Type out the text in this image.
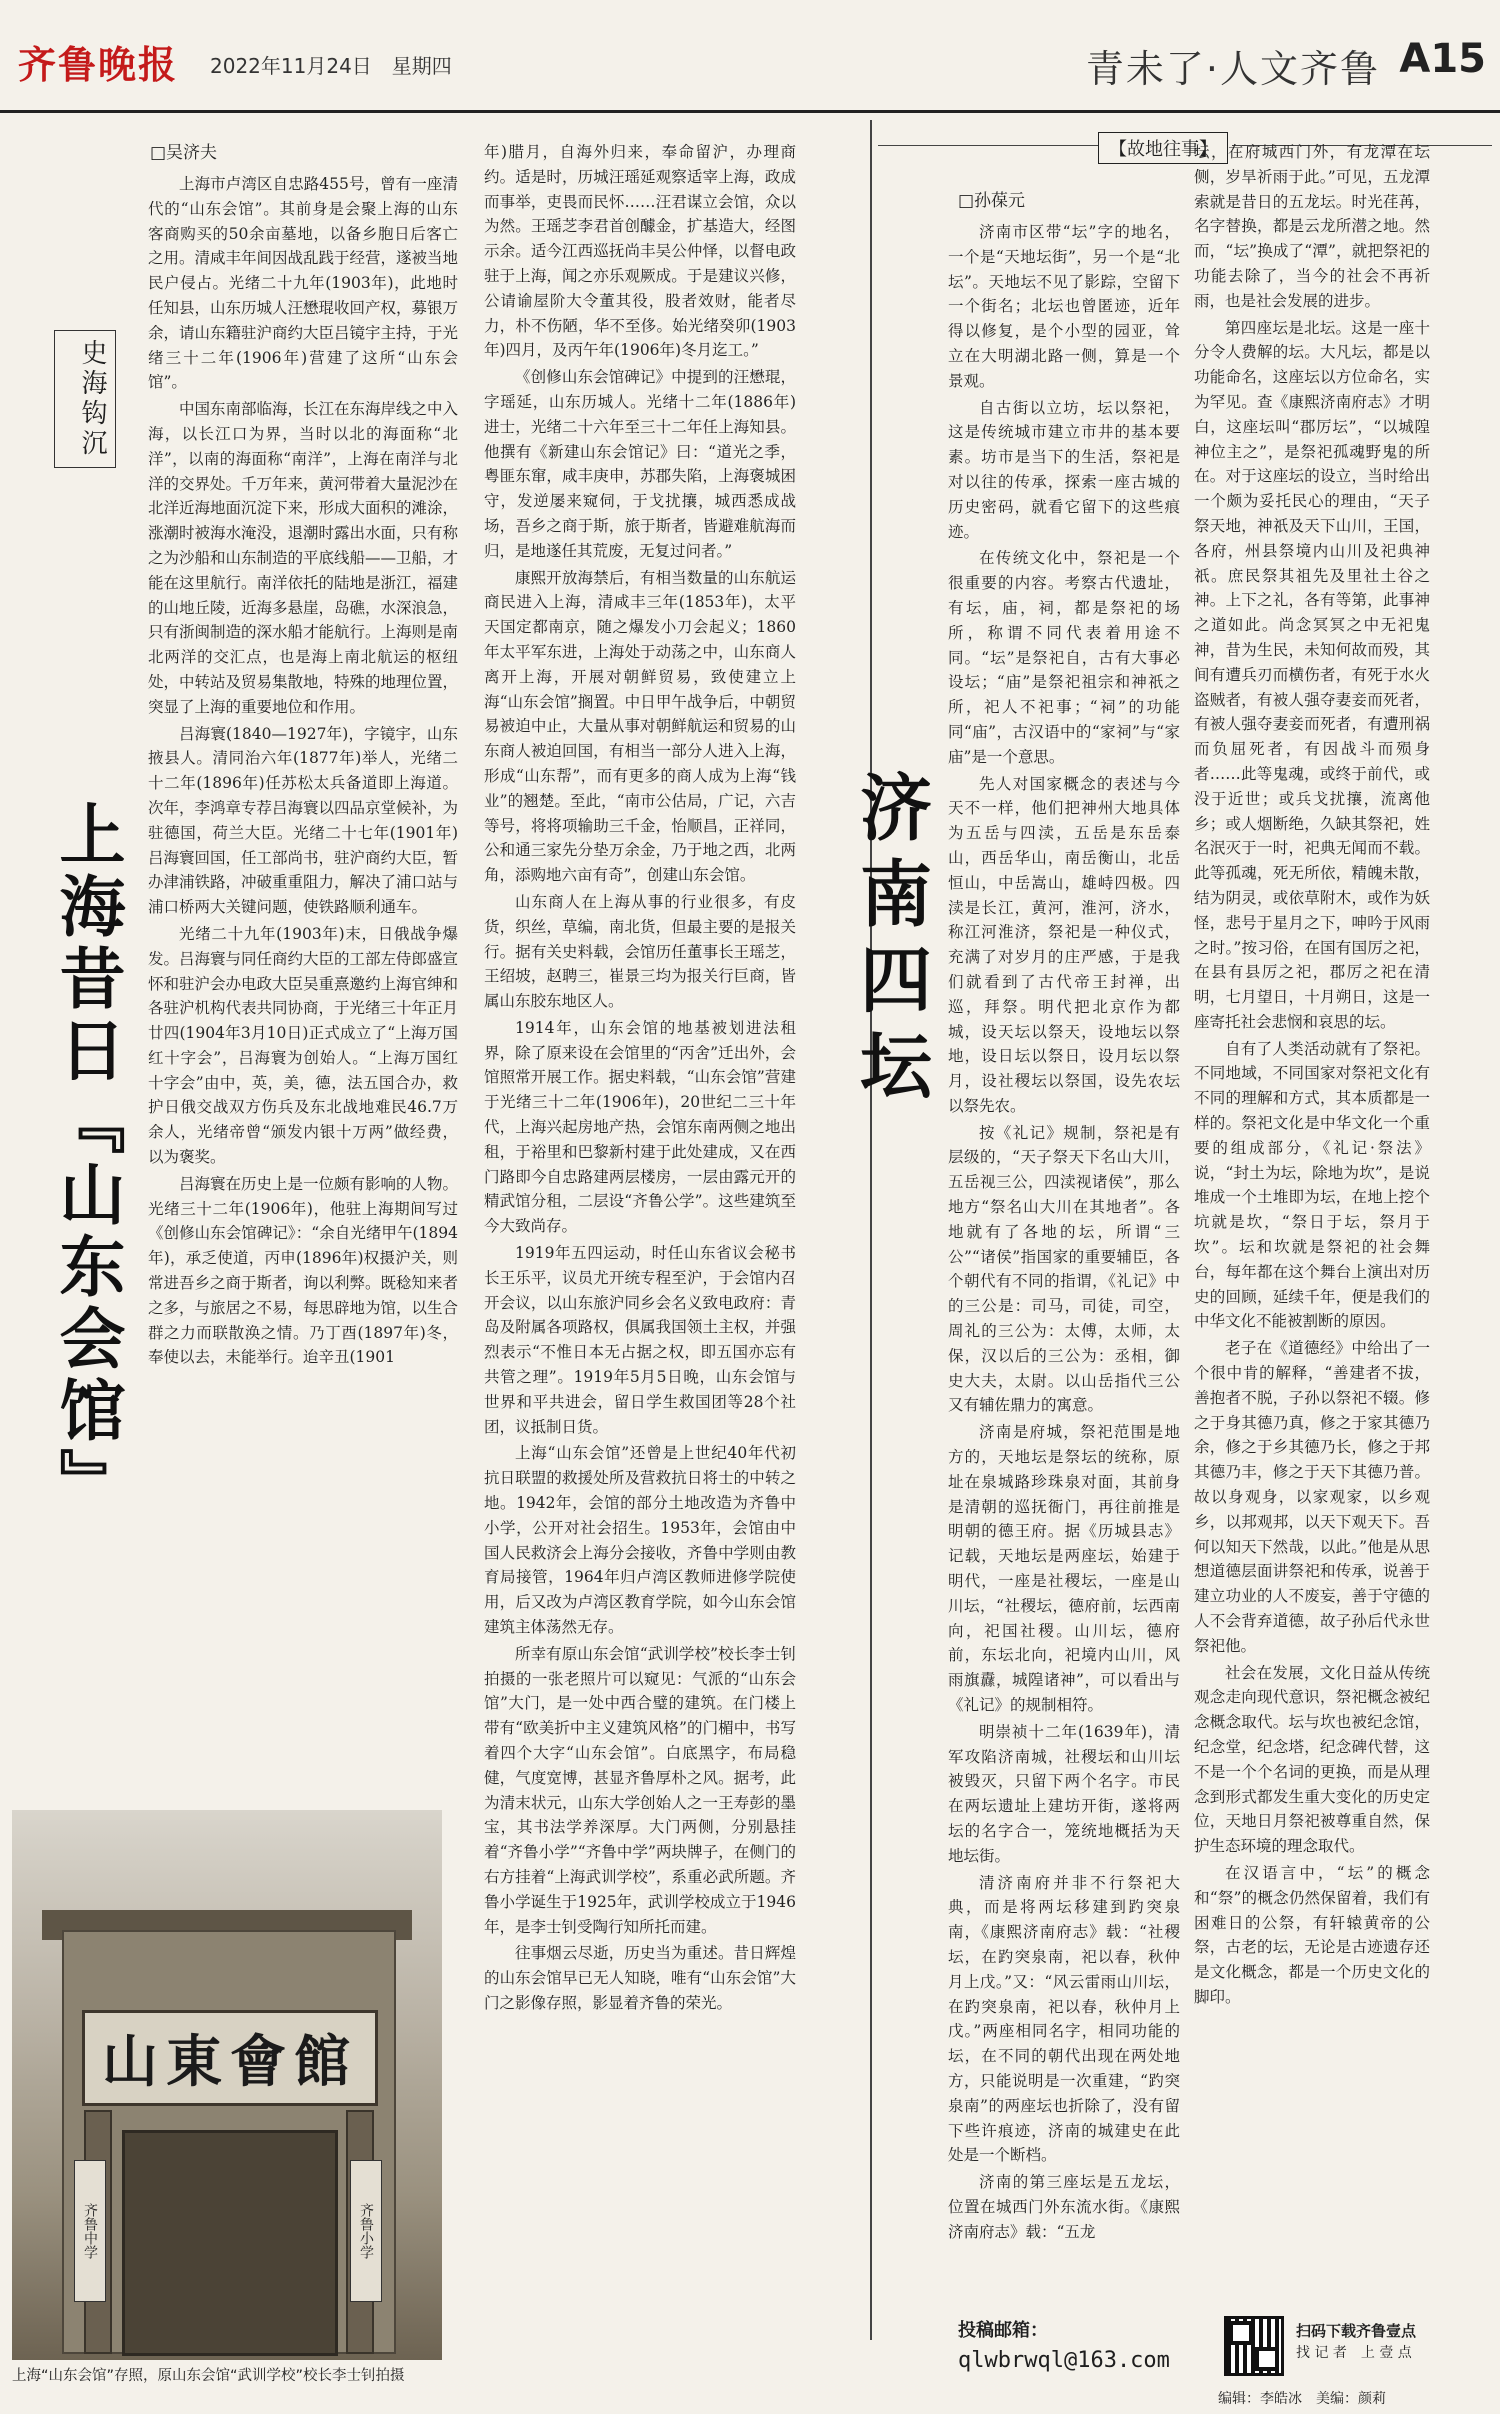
齐鲁晚报 2022年11月24日　星期四	青未了·人文齐鲁 A15
□吴济夫
史海钩沉
上海昔日『山东会馆』

上海市卢湾区自忠路455号，曾有一座清代的“山东会馆”。其前身是会聚上海的山东客商购买的50余亩墓地，以备乡胞日后客亡之用。清咸丰年间因战乱践于经营，遂被当地民户侵占。光绪二十九年(1903年)，此地时任知县，山东历城人汪懋琨收回产权，募银万余，请山东籍驻沪商约大臣吕镜宇主持，于光绪三十二年(1906年)营建了这所“山东会馆”。

中国东南部临海，长江在东海岸线之中入海，以长江口为界，当时以北的海面称“北洋”，以南的海面称“南洋”，上海在南洋与北洋的交界处。千万年来，黄河带着大量泥沙在北洋近海地面沉淀下来，形成大面积的滩涂，涨潮时被海水淹没，退潮时露出水面，只有称之为沙船和山东制造的平底线船——卫船，才能在这里航行。南洋依托的陆地是浙江，福建的山地丘陵，近海多悬崖，岛礁，水深浪急，只有浙闽制造的深水船才能航行。上海则是南北两洋的交汇点，也是海上南北航运的枢纽处，中转站及贸易集散地，特殊的地理位置，突显了上海的重要地位和作用。

吕海寰(1840—1927年)，字镜宇，山东掖县人。清同治六年(1877年)举人，光绪二十二年(1896年)任苏松太兵备道即上海道。次年，李鸿章专荐吕海寰以四品京堂候补，为驻德国，荷兰大臣。光绪二十七年(1901年)吕海寰回国，任工部尚书，驻沪商约大臣，暂办津浦铁路，冲破重重阻力，解决了浦口站与浦口桥两大关键问题，使铁路顺利通车。

光绪二十九年(1903年)末，日俄战争爆发。吕海寰与同任商约大臣的工部左侍郎盛宣怀和驻沪会办电政大臣吴重熹邀约上海官绅和各驻沪机构代表共同协商，于光绪三十年正月廿四(1904年3月10日)正式成立了“上海万国红十字会”，吕海寰为创始人。“上海万国红十字会”由中，英，美，德，法五国合办，救护日俄交战双方伤兵及东北战地难民46.7万余人，光绪帝曾“颁发内银十万两”做经费，以为褒奖。

吕海寰在历史上是一位颇有影响的人物。光绪三十二年(1906年)，他驻上海期间写过《创修山东会馆碑记》：“余自光绪甲午(1894年)，承乏使道，丙申(1896年)权摄沪关，则常进吾乡之商于斯者，询以利弊。既稔知来者之多，与旅居之不易，每思辟地为馆，以生合群之力而联散涣之情。乃丁酉(1897年)冬，奉使以去，未能举行。迨辛丑(1901

年)腊月，自海外归来，奉命留沪，办理商约。适是时，历城汪瑶延观察适宰上海，政成而事举，吏畏而民怀……汪君谋立会馆，众以为然。王瑶芝李君首创醵金，扩基造大，经图示余。适今江西巡抚尚丰吴公仲怿，以督电政驻于上海，闻之亦乐观厥成。于是建议兴修，公请谕屋阶大令董其役，股者效财，能者尽力，朴不伤陋，华不至侈。始光绪癸卯(1903年)四月，及丙午年(1906年)冬月迄工。”

《创修山东会馆碑记》中提到的汪懋琨，字瑶延，山东历城人。光绪十二年(1886年)进士，光绪二十六年至三十二年任上海知县。他撰有《新建山东会馆记》曰：“道光之季，粤匪东窜，咸丰庚申，苏郡失陷，上海褒城困守，发逆屡来窥伺，于戈扰攘，城西悉成战场，吾乡之商于斯，旅于斯者，皆避难航海而归，是地遂任其荒废，无复过问者。”

康熙开放海禁后，有相当数量的山东航运商民进入上海，清咸丰三年(1853年)，太平天国定都南京，随之爆发小刀会起义；1860年太平军东进，上海处于动荡之中，山东商人离开上海，开展对朝鲜贸易，致使建立上海“山东会馆”搁置。中日甲午战争后，中朝贸易被迫中止，大量从事对朝鲜航运和贸易的山东商人被迫回国，有相当一部分人进入上海，形成“山东帮”，而有更多的商人成为上海“钱业”的翘楚。至此，“南市公估局，广记，六吉等号，将将项输助三千金，怡顺昌，正祥同，公和通三家先分垫万余金，乃于地之西，北两角，添购地六亩有奇”，创建山东会馆。

山东商人在上海从事的行业很多，有皮货，织丝，草编，南北货，但最主要的是报关行。据有关史料载，会馆历任董事长王瑶芝，王绍坡，赵聘三，崔景三均为报关行巨商，皆属山东胶东地区人。

1914年，山东会馆的地基被划进法租界，除了原来设在会馆里的“丙舍”迁出外，会馆照常开展工作。据史料载，“山东会馆”营建于光绪三十二年(1906年)，20世纪二三十年代，上海兴起房地产热，会馆东南两侧之地出租，于裕里和巴黎新村建于此处建成，又在西门路即今自忠路建两层楼房，一层由露元开的精武馆分租，二层设“齐鲁公学”。这些建筑至今大致尚存。

1919年五四运动，时任山东省议会秘书长王乐平，议员尤开统专程至沪，于会馆内召开会议，以山东旅沪同乡会名义致电政府：青岛及附属各项路权，俱属我国领土主权，并强烈表示“不惟日本无占据之权，即五国亦忘有共管之理”。1919年5月5日晚，山东会馆与世界和平共进会，留日学生救国团等28个社团，议抵制日货。

上海“山东会馆”还曾是上世纪40年代初抗日联盟的救援处所及营救抗日将士的中转之地。1942年，会馆的部分土地改造为齐鲁中小学，公开对社会招生。1953年，会馆由中国人民救济会上海分会接收，齐鲁中学则由教育局接管，1964年归卢湾区教师进修学院使用，后又改为卢湾区教育学院，如今山东会馆建筑主体荡然无存。

所幸有原山东会馆“武训学校”校长李士钊拍摄的一张老照片可以窥见：气派的“山东会馆”大门，是一处中西合璧的建筑。在门楼上带有“欧美折中主义建筑风格”的门楣中，书写着四个大字“山东会馆”。白底黑字，布局稳健，气度宽博，甚显齐鲁厚朴之风。据考，此为清末状元，山东大学创始人之一王寿彭的墨宝，其书法学养深厚。大门两侧，分别悬挂着“齐鲁小学”“齐鲁中学”两块牌子，在侧门的右方挂着“上海武训学校”，系重必武所题。齐鲁小学诞生于1925年，武训学校成立于1946年，是李士钊受陶行知所托而建。

往事烟云尽逝，历史当为重述。昔日辉煌的山东会馆早已无人知晓，唯有“山东会馆”大门之影像存照，影显着齐鲁的荣光。

山東會館
齐鲁中学	齐鲁小学
上海“山东会馆”存照，原山东会馆“武训学校”校长李士钊拍摄
【故地往事】
□孙葆元
济南四坛

济南市区带“坛”字的地名，一个是“天地坛街”，另一个是“北坛”。天地坛不见了影踪，空留下一个街名；北坛也曾匿迹，近年得以修复，是个小型的园亚，耸立在大明湖北路一侧，算是一个景观。

自古街以立坊，坛以祭祀，这是传统城市建立市井的基本要素。坊市是当下的生活，祭祀是对以往的传承，探索一座古城的历史密码，就看它留下的这些痕迹。

在传统文化中，祭祀是一个很重要的内容。考察古代遗址，有坛，庙，祠，都是祭祀的场所，称谓不同代表着用途不同。“坛”是祭祀自，古有大事必设坛；“庙”是祭祀祖宗和神祇之所，祀人不祀事；“祠”的功能同“庙”，古汉语中的“家祠”与“家庙”是一个意思。

先人对国家概念的表述与今天不一样，他们把神州大地具体为五岳与四渎，五岳是东岳泰山，西岳华山，南岳衡山，北岳恒山，中岳嵩山，雄峙四极。四渎是长江，黄河，淮河，济水，称江河淮济，祭祀是一种仪式，充满了对岁月的庄严感，于是我们就看到了古代帝王封禅，出巡，拜祭。明代把北京作为都城，设天坛以祭天，设地坛以祭地，设日坛以祭日，设月坛以祭月，设社稷坛以祭国，设先农坛以祭先农。

按《礼记》规制，祭祀是有层级的，“天子祭天下名山大川，五岳视三公，四渎视诸侯”，那么地方“祭名山大川在其地者”。各地就有了各地的坛，所谓“三公”“诸侯”指国家的重要辅臣，各个朝代有不同的指谓，《礼记》中的三公是：司马，司徒，司空，周礼的三公为：太傅，太师，太保，汉以后的三公为：丞相，御史大夫，太尉。以山岳指代三公又有辅佐鼎力的寓意。

济南是府城，祭祀范围是地方的，天地坛是祭坛的统称，原址在泉城路珍珠泉对面，其前身是清朝的巡抚衙门，再往前推是明朝的德王府。据《历城县志》记载，天地坛是两座坛，始建于明代，一座是社稷坛，一座是山川坛，“社稷坛，德府前，坛西南向，祀国社稷。山川坛，德府前，东坛北向，祀境内山川，风雨旗纛，城隍诸神”，可以看出与《礼记》的规制相符。

明崇祯十二年(1639年)，清军攻陷济南城，社稷坛和山川坛被毁灭，只留下两个名字。市民在两坛遗址上建坊开街，遂将两坛的名字合一，笼统地概括为天地坛街。

清济南府并非不行祭祀大典，而是将两坛移建到趵突泉南，《康熙济南府志》载：“社稷坛，在趵突泉南，祀以春，秋仲月上戊。”又：“风云雷雨山川坛，在趵突泉南，祀以春，秋仲月上戊。”两座相同名字，相同功能的坛，在不同的朝代出现在两处地方，只能说明是一次重建，“趵突泉南”的两座坛也折除了，没有留下些许痕迹，济南的城建史在此处是一个断档。

济南的第三座坛是五龙坛，位置在城西门外东流水街。《康熙济南府志》载：“五龙

坛，在府城西门外，有龙潭在坛侧，岁旱祈雨于此。”可见，五龙潭索就是昔日的五龙坛。时光荏苒，名字替换，都是云龙所潜之地。然而，“坛”换成了“潭”，就把祭祀的功能去除了，当今的社会不再祈雨，也是社会发展的进步。

第四座坛是北坛。这是一座十分令人费解的坛。大凡坛，都是以功能命名，这座坛以方位命名，实为罕见。查《康熙济南府志》才明白，这座坛叫“郡厉坛”，“以城隍神位主之”，是祭祀孤魂野鬼的所在。对于这座坛的设立，当时给出一个颇为妥托民心的理由，“天子祭天地，神祇及天下山川，王国，各府，州县祭境内山川及祀典神祇。庶民祭其祖先及里社土谷之神。上下之礼，各有等第，此事神之道如此。尚念冥冥之中无祀鬼神，昔为生民，未知何故而殁，其间有遭兵刃而横伤者，有死于水火盗贼者，有被人强夺妻妾而死者，有被人强夺妻妾而死者，有遭刑祸而负屈死者，有因战斗而殒身者……此等鬼魂，或终于前代，或没于近世；或兵戈扰攘，流离他乡；或人烟断绝，久缺其祭祀，姓名泯灭于一时，祀典无闻而不载。此等孤魂，死无所依，精魄未散，结为阴灵，或依草附木，或作为妖怪，悲号于星月之下，呻吟于风雨之时。”按习俗，在国有国厉之祀，在县有县厉之祀，郡厉之祀在清明，七月望日，十月朔日，这是一座寄托社会悲悯和哀思的坛。

自有了人类活动就有了祭祀。不同地域，不同国家对祭祀文化有不同的理解和方式，其本质都是一样的。祭祀文化是中华文化一个重要的组成部分，《礼记·祭法》说，“封土为坛，除地为坎”，是说堆成一个土堆即为坛，在地上挖个坑就是坎，“祭日于坛，祭月于坎”。坛和坎就是祭祀的社会舞台，每年都在这个舞台上演出对历史的回顾，延续千年，便是我们的中华文化不能被割断的原因。

老子在《道德经》中给出了一个很中肯的解释，“善建者不拔，善抱者不脱，子孙以祭祀不辍。修之于身其德乃真，修之于家其德乃余，修之于乡其德乃长，修之于邦其德乃丰，修之于天下其德乃普。故以身观身，以家观家，以乡观乡，以邦观邦，以天下观天下。吾何以知天下然哉，以此。”他是从思想道德层面讲祭祀和传承，说善于建立功业的人不废妄，善于守德的人不会背弃道德，故子孙后代永世祭祀他。

社会在发展，文化日益从传统观念走向现代意识，祭祀概念被纪念概念取代。坛与坎也被纪念馆，纪念堂，纪念塔，纪念碑代替，这不是一个个名词的更换，而是从理念到形式都发生重大变化的历史定位，天地日月祭祀被尊重自然，保护生态环境的理念取代。

在汉语言中，“坛”的概念和“祭”的概念仍然保留着，我们有困难日的公祭，有轩辕黄帝的公祭，古老的坛，无论是古迹遗存还是文化概念，都是一个历史文化的脚印。

投稿邮箱：
qlwbrwql@163.com
扫码下载齐鲁壹点
找 记 者　上 壹 点
编辑：李皓冰　美编：颜莉
